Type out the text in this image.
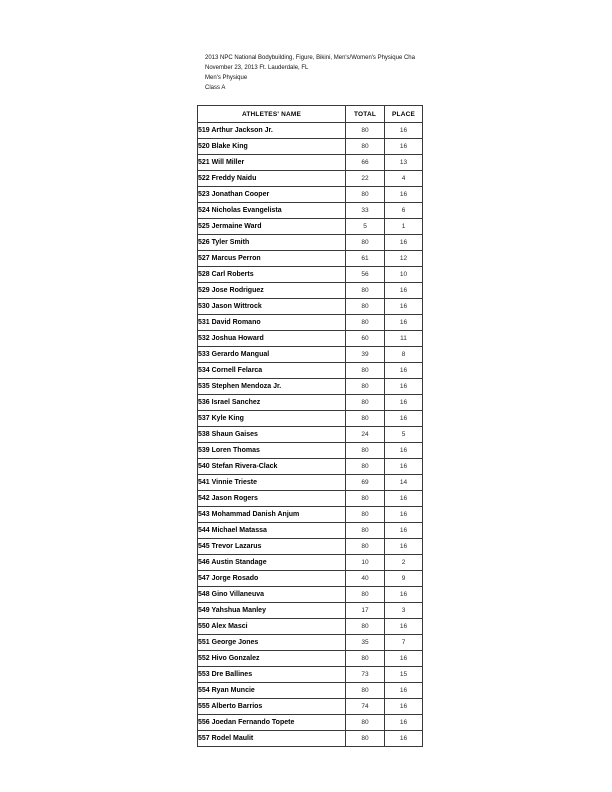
2013 NPC National Bodybuilding, Figure, Bikini, Men's/Women's Physique Cha
November 23, 2013 Ft. Lauderdale, FL
Men's Physique
Class A
ATHLETES' NAME	TOTAL	PLACE
519 Arthur Jackson Jr.	80	16
520 Blake King	80	16
521 Will Miller	66	13
522 Freddy Naidu	22	4
523 Jonathan Cooper	80	16
524 Nicholas Evangelista	33	6
525 Jermaine Ward	5	1
526 Tyler Smith	80	16
527 Marcus Perron	61	12
528 Carl Roberts	56	10
529 Jose Rodriguez	80	16
530 Jason Wittrock	80	16
531 David Romano	80	16
532 Joshua Howard	60	11
533 Gerardo Mangual	39	8
534 Cornell Felarca	80	16
535 Stephen Mendoza Jr.	80	16
536 Israel Sanchez	80	16
537 Kyle King	80	16
538 Shaun Gaises	24	5
539 Loren Thomas	80	16
540 Stefan Rivera-Clack	80	16
541 Vinnie Trieste	69	14
542 Jason Rogers	80	16
543 Mohammad Danish Anjum	80	16
544 Michael Matassa	80	16
545 Trevor Lazarus	80	16
546 Austin Standage	10	2
547 Jorge Rosado	40	9
548 Gino Villaneuva	80	16
549 Yahshua Manley	17	3
550 Alex Masci	80	16
551 George Jones	35	7
552 Hivo Gonzalez	80	16
553 Dre Ballines	73	15
554 Ryan Muncie	80	16
555 Alberto Barrios	74	16
556 Joedan Fernando Topete	80	16
557 Rodel Maulit	80	16
